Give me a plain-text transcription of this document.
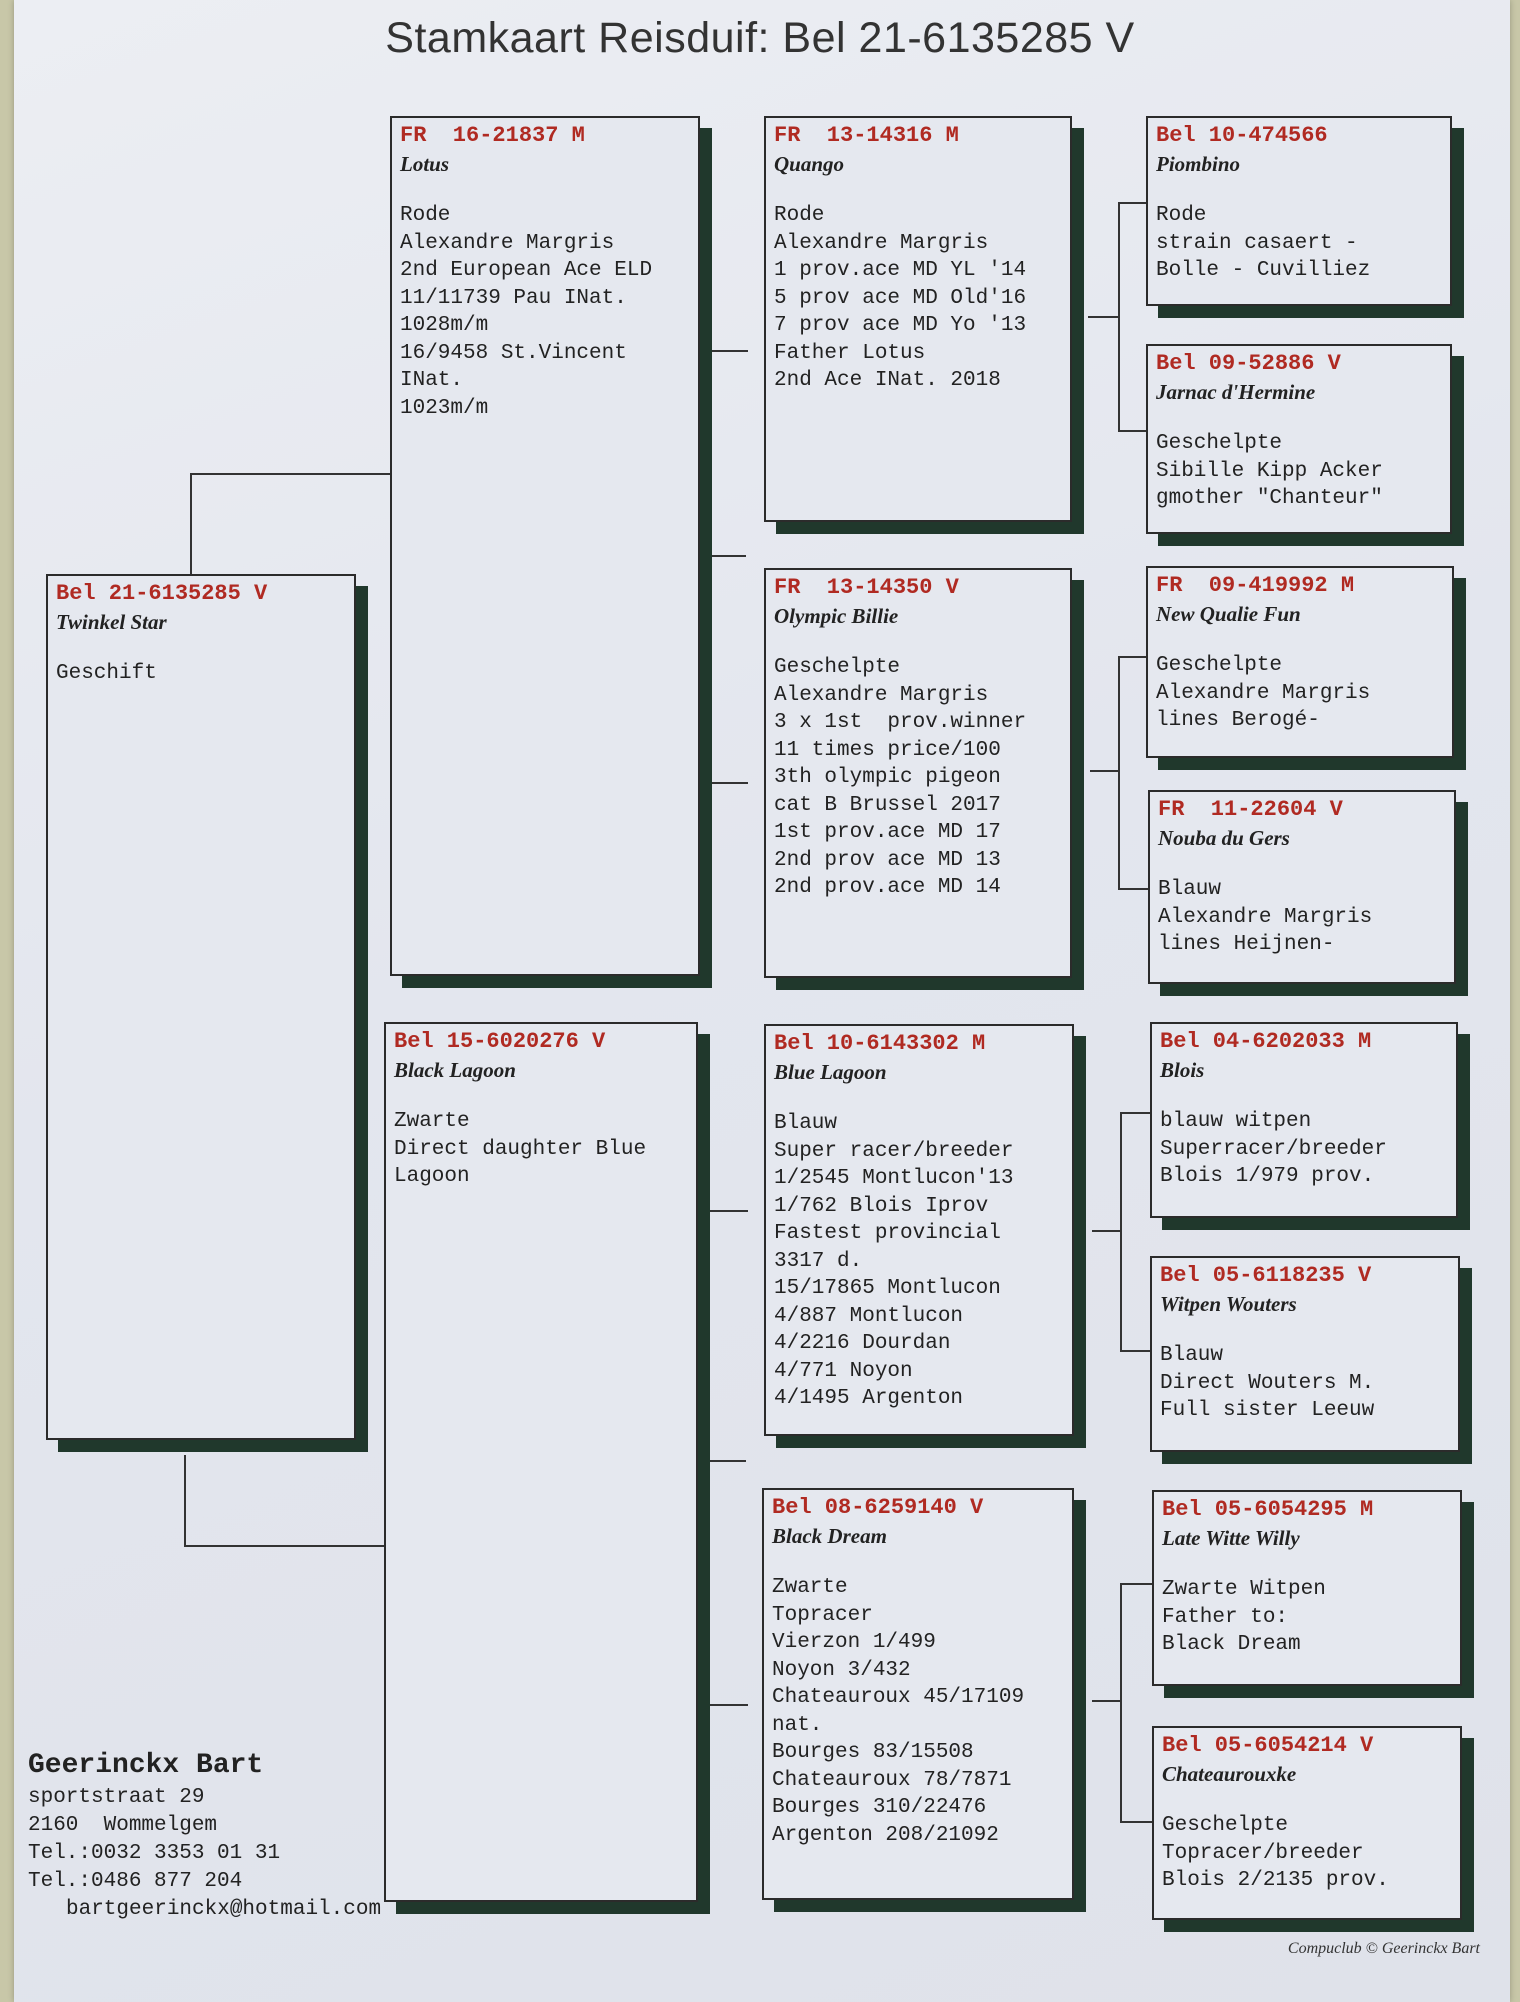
Stamkaart Reisduif: Bel 21-6135285 V
Bel 21-6135285 V
Twinkel Star
Geschift
FR  16-21837 M
Lotus
Rode
Alexandre Margris
2nd European Ace ELD
11/11739 Pau INat.
1028m/m
16/9458 St.Vincent
INat.
1023m/m
Bel 15-6020276 V
Black Lagoon
Zwarte
Direct daughter Blue
Lagoon
FR  13-14316 M
Quango
Rode
Alexandre Margris
1 prov.ace MD YL '14
5 prov ace MD Old'16
7 prov ace MD Yo '13
Father Lotus
2nd Ace INat. 2018
FR  13-14350 V
Olympic Billie
Geschelpte
Alexandre Margris
3 x 1st  prov.winner
11 times price/100
3th olympic pigeon
cat B Brussel 2017
1st prov.ace MD 17
2nd prov ace MD 13
2nd prov.ace MD 14
Bel 10-6143302 M
Blue Lagoon
Blauw
Super racer/breeder
1/2545 Montlucon'13
1/762 Blois Iprov
Fastest provincial
3317 d.
15/17865 Montlucon
4/887 Montlucon
4/2216 Dourdan
4/771 Noyon
4/1495 Argenton
Bel 08-6259140 V
Black Dream
Zwarte
Topracer
Vierzon 1/499
Noyon 3/432
Chateauroux 45/17109
nat.
Bourges 83/15508
Chateauroux 78/7871
Bourges 310/22476
Argenton 208/21092
Bel 10-474566
Piombino
Rode
strain casaert -
Bolle - Cuvilliez
Bel 09-52886 V
Jarnac d'Hermine
Geschelpte
Sibille Kipp Acker
gmother "Chanteur"
FR  09-419992 M
New Qualie Fun
Geschelpte
Alexandre Margris
lines Berogé-
FR  11-22604 V
Nouba du Gers
Blauw
Alexandre Margris
lines Heijnen-
Bel 04-6202033 M
Blois
blauw witpen
Superracer/breeder
Blois 1/979 prov.
Bel 05-6118235 V
Witpen Wouters
Blauw
Direct Wouters M.
Full sister Leeuw
Bel 05-6054295 M
Late Witte Willy
Zwarte Witpen
Father to:
Black Dream
Bel 05-6054214 V
Chateaurouxke
Geschelpte
Topracer/breeder
Blois 2/2135 prov.
Geerinckx Bart
sportstraat 29
2160  Wommelgem
Tel.:0032 3353 01 31
Tel.:0486 877 204
bartgeerinckx@hotmail.com
Compuclub © Geerinckx Bart
